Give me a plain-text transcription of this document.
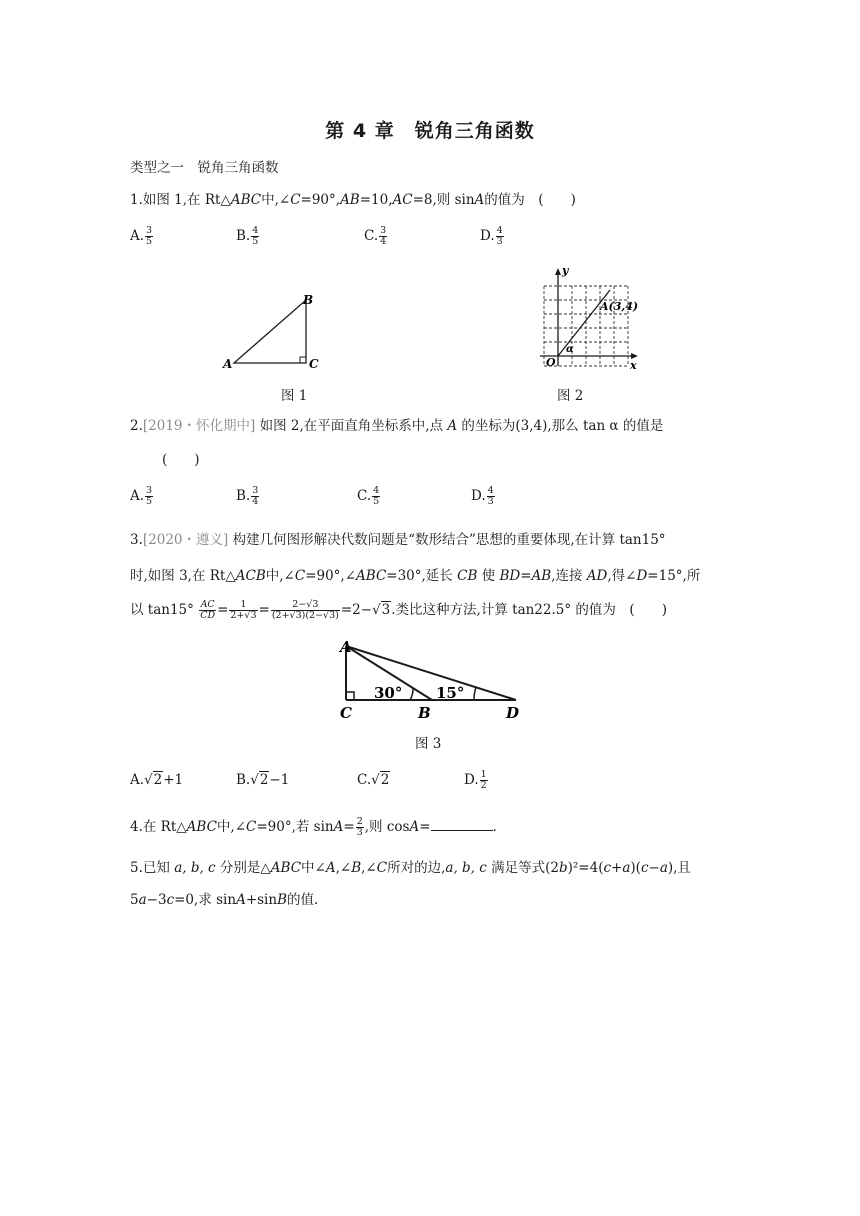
第 4 章　锐角三角函数
类型之一　锐角三角函数
1.如图 1,在 Rt△ABC中,∠C=90°,AB=10,AC=8,则 sinA的值为　(　　)
A. $\frac{3}{5}$	B. $\frac{4}{5}$	C. $\frac{3}{4}$	D. $\frac{4}{3}$
A
B
C
图 1
y
x
O
α
A(3,4)
图 2
2.[2019・怀化期中] 如图 2,在平面直角坐标系中,点 A 的坐标为(3,4),那么 tan α 的值是
(　　)
A. $\frac{3}{5}$	B. $\frac{3}{4}$	C. $\frac{4}{5}$	D. $\frac{4}{3}$
3.[2020・遵义] 构建几何图形解决代数问题是“数形结合”思想的重要体现,在计算 tan15°
时,如图 3,在 Rt△ACB中,∠C=90°,∠ABC=30°,延长 CB 使 BD=AB,连接 AD,得∠D=15°,所
以 $\tan 15^\circ \frac{AC}{CD} = \frac{1}{2+√3} = \frac{2-√3}{(2+√3)(2-√3)} =2-√3$.类比这种方法,计算 tan22.5° 的值为　 (　　)
A
C	B	D
30° 15°
图 3
A.√2+1	B.√2−1	C.√2	D. $\frac{1}{2}$
4.在 Rt△ABC中,∠C=90°,若 $\sin A= \frac{2}{3}$ ,则 cosA=	.
5.已知 a, b, c 分别是△ABC中∠A,∠B,∠C所对的边,a, b, c 满足等式(2b)²=4(c+a)(c−a),且
5a−3c=0,求 sinA+sinB的值.
